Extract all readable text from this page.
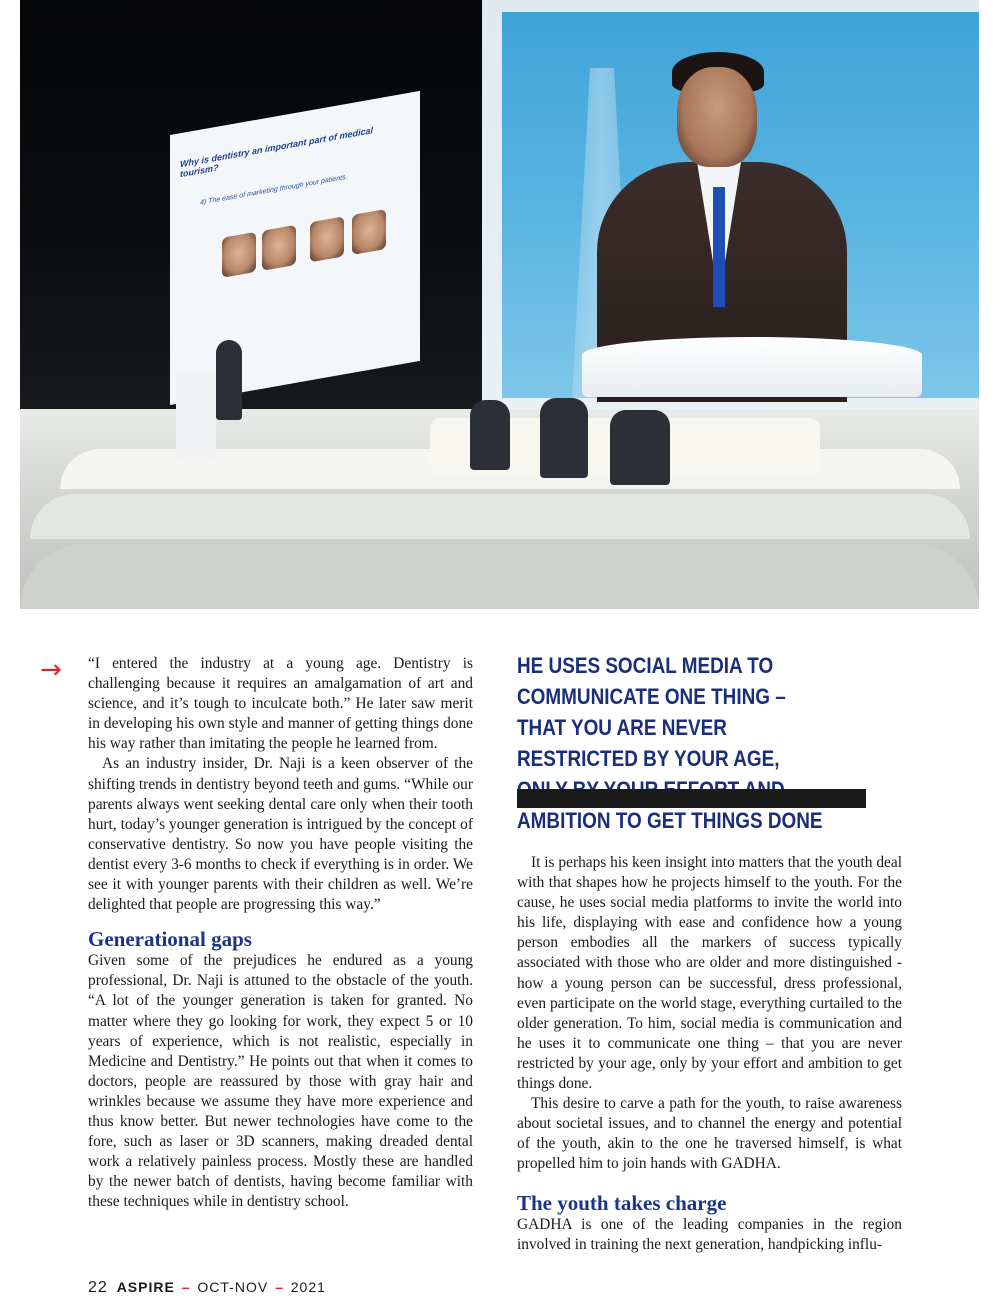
Why is dentistry an important part of medical tourism?
4) The ease of marketing through your patients.
→ “I entered the industry at a young age. Dentistry is challenging because it requires an amalgamation of art and science, and it’s tough to inculcate both.” He later saw merit in developing his own style and manner of getting things done his way rather than imitating the people he learned from.

As an industry insider, Dr. Naji is a keen observer of the shifting trends in dentistry beyond teeth and gums. “While our parents always went seeking dental care only when their tooth hurt, today’s younger generation is intrigued by the concept of conservative dentistry. So now you have people visiting the dentist every 3-6 months to check if everything is in order. We see it with younger parents with their children as well. We’re delighted that people are progressing this way.”

Generational gaps

Given some of the prejudices he endured as a young professional, Dr. Naji is attuned to the obstacle of the youth. “A lot of the younger generation is taken for granted. No matter where they go looking for work, they expect 5 or 10 years of experience, which is not realistic, especially in Medicine and Dentistry.” He points out that when it comes to doctors, people are reassured by those with gray hair and wrinkles because we assume they have more experience and thus know better. But newer technologies have come to the fore, such as laser or 3D scanners, making dreaded dental work a relatively painless process. Mostly these are handled by the newer batch of dentists, having become familiar with these techniques while in dentistry school.

HE USES SOCIAL MEDIA TO COMMUNICATE ONE THING – THAT YOU ARE NEVER RESTRICTED BY YOUR AGE, AMBITION TO GET THINGS DONE

It is perhaps his keen insight into matters that the youth deal with that shapes how he projects himself to the youth. For the cause, he uses social media platforms to invite the world into his life, displaying with ease and confidence how a young person embodies all the markers of success typically associated with those who are older and more distinguished - how a young person can be successful, dress professional, even participate on the world stage, everything curtailed to the older generation. To him, social media is communication and he uses it to communicate one thing – that you are never restricted by your age, only by your effort and ambition to get things done.

This desire to carve a path for the youth, to raise awareness about societal issues, and to channel the energy and potential of the youth, akin to the one he traversed himself, is what propelled him to join hands with GADHA.

The youth takes charge

GADHA is one of the leading companies in the region involved in training the next generation, handpicking influ-

22 ASPIRE – OCT-NOV – 2021
